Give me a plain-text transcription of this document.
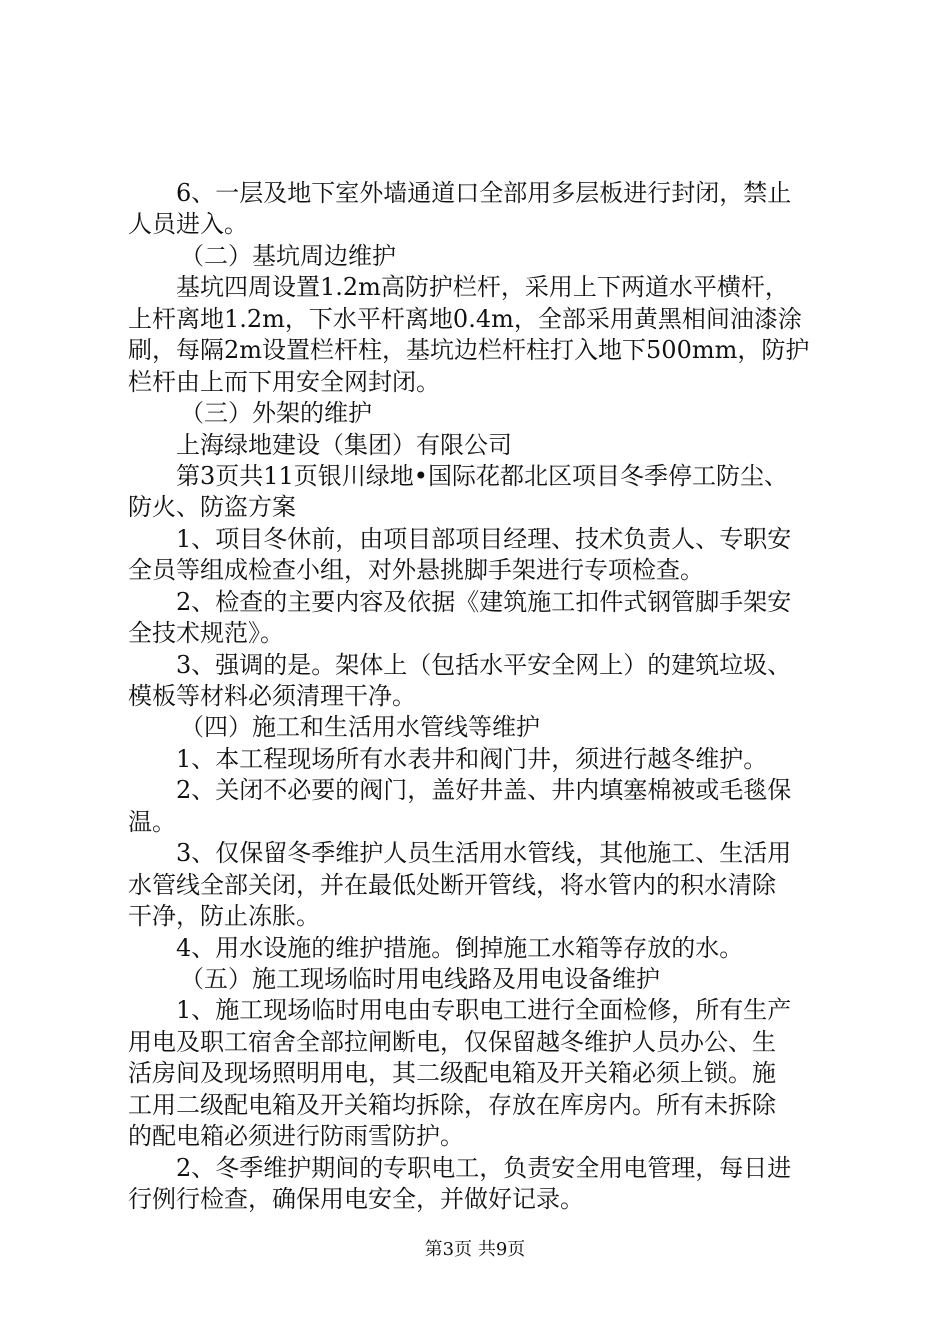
6、一层及地下室外墙通道口全部用多层板进行封闭，禁止
人员进入。
（二）基坑周边维护
基坑四周设置1.2m高防护栏杆，采用上下两道水平横杆，
上杆离地1.2m，下水平杆离地0.4m，全部采用黄黑相间油漆涂
刷，每隔2m设置栏杆柱，基坑边栏杆柱打入地下500mm，防护
栏杆由上而下用安全网封闭。
（三）外架的维护
上海绿地建设（集团）有限公司
第3页共11页银川绿地•国际花都北区项目冬季停工防尘、
防火、防盗方案
1、项目冬休前，由项目部项目经理、技术负责人、专职安
全员等组成检查小组，对外悬挑脚手架进行专项检查。
2、检查的主要内容及依据《建筑施工扣件式钢管脚手架安
全技术规范》。
3、强调的是。架体上（包括水平安全网上）的建筑垃圾、
模板等材料必须清理干净。
（四）施工和生活用水管线等维护
1、本工程现场所有水表井和阀门井，须进行越冬维护。
2、关闭不必要的阀门，盖好井盖、井内填塞棉被或毛毯保
温。
3、仅保留冬季维护人员生活用水管线，其他施工、生活用
水管线全部关闭，并在最低处断开管线，将水管内的积水清除
干净，防止冻胀。
4、用水设施的维护措施。倒掉施工水箱等存放的水。
（五）施工现场临时用电线路及用电设备维护
1、施工现场临时用电由专职电工进行全面检修，所有生产
用电及职工宿舍全部拉闸断电，仅保留越冬维护人员办公、生
活房间及现场照明用电，其二级配电箱及开关箱必须上锁。施
工用二级配电箱及开关箱均拆除，存放在库房内。所有未拆除
的配电箱必须进行防雨雪防护。
2、冬季维护期间的专职电工，负责安全用电管理，每日进
行例行检查，确保用电安全，并做好记录。
第3页 共9页
